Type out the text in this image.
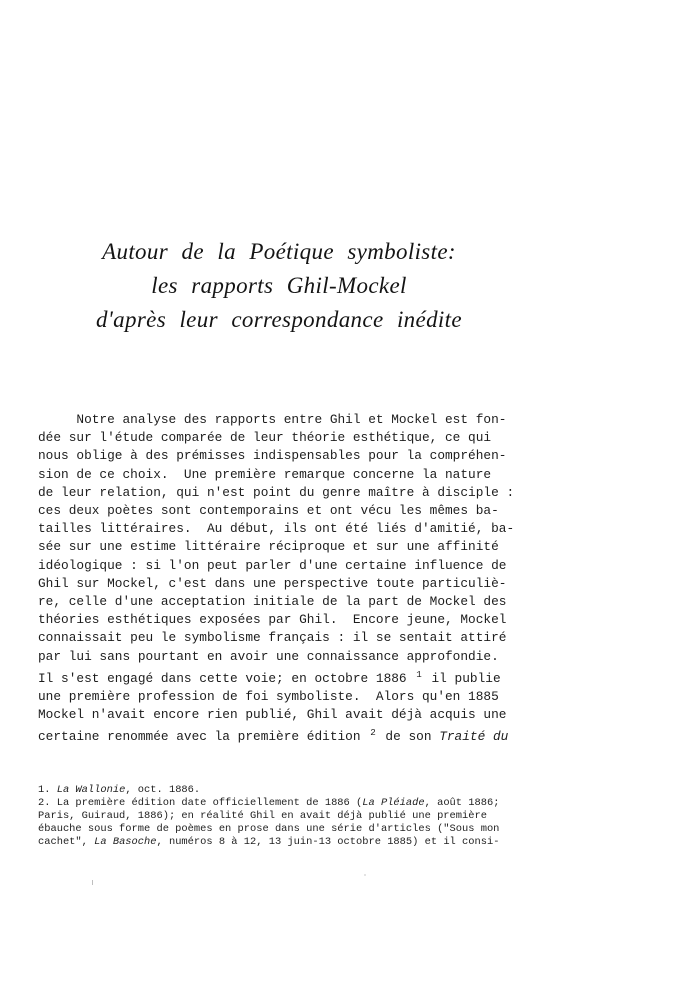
Autour de la Poétique symboliste:
les rapports Ghil-Mockel
d'après leur correspondance inédite
Notre analyse des rapports entre Ghil et Mockel est fon-
dée sur l'étude comparée de leur théorie esthétique, ce qui
nous oblige à des prémisses indispensables pour la compréhen-
sion de ce choix.  Une première remarque concerne la nature
de leur relation, qui n'est point du genre maître à disciple :
ces deux poètes sont contemporains et ont vécu les mêmes ba-
tailles littéraires.  Au début, ils ont été liés d'amitié, ba-
sée sur une estime littéraire réciproque et sur une affinité
idéologique : si l'on peut parler d'une certaine influence de
Ghil sur Mockel, c'est dans une perspective toute particuliè-
re, celle d'une acceptation initiale de la part de Mockel des
théories esthétiques exposées par Ghil.  Encore jeune, Mockel
connaissait peu le symbolisme français : il se sentait attiré
par lui sans pourtant en avoir une connaissance approfondie.
Il s'est engagé dans cette voie; en octobre 1886 $^1$ il publie
une première profession de foi symboliste.  Alors qu'en 1885
Mockel n'avait encore rien publié, Ghil avait déjà acquis une
certaine renommée avec la première édition $^2$ de son Traité du
1. La Wallonie, oct. 1886.
2. La première édition date officiellement de 1886 (La Pléiade, août 1886;
Paris, Guiraud, 1886); en réalité Ghil en avait déjà publié une première
ébauche sous forme de poèmes en prose dans une série d'articles ("Sous mon
cachet", La Basoche, numéros 8 à 12, 13 juin-13 octobre 1885) et il consi-
